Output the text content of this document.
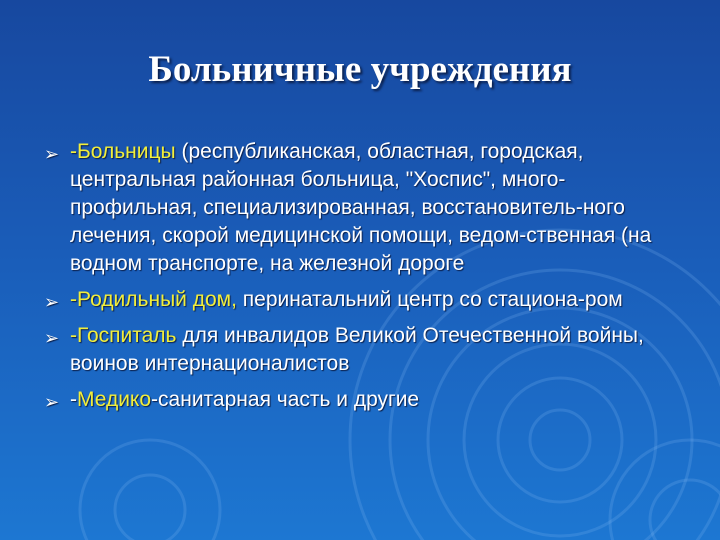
Больничные учреждения
➢ -Больницы (республиканская, областная, городская, центральная районная больница, "Хоспис", много-профильная, специализированная, восстановитель-ного лечения, скорой медицинской помощи, ведом-ственная (на водном транспорте, на железной дороге
➢ -Родильный дом, перинатальний центр со стациона-ром
➢ -Госпиталь для инвалидов Великой Отечественной войны, воинов интернационалистов
➢ -Медико-санитарная часть и другие
